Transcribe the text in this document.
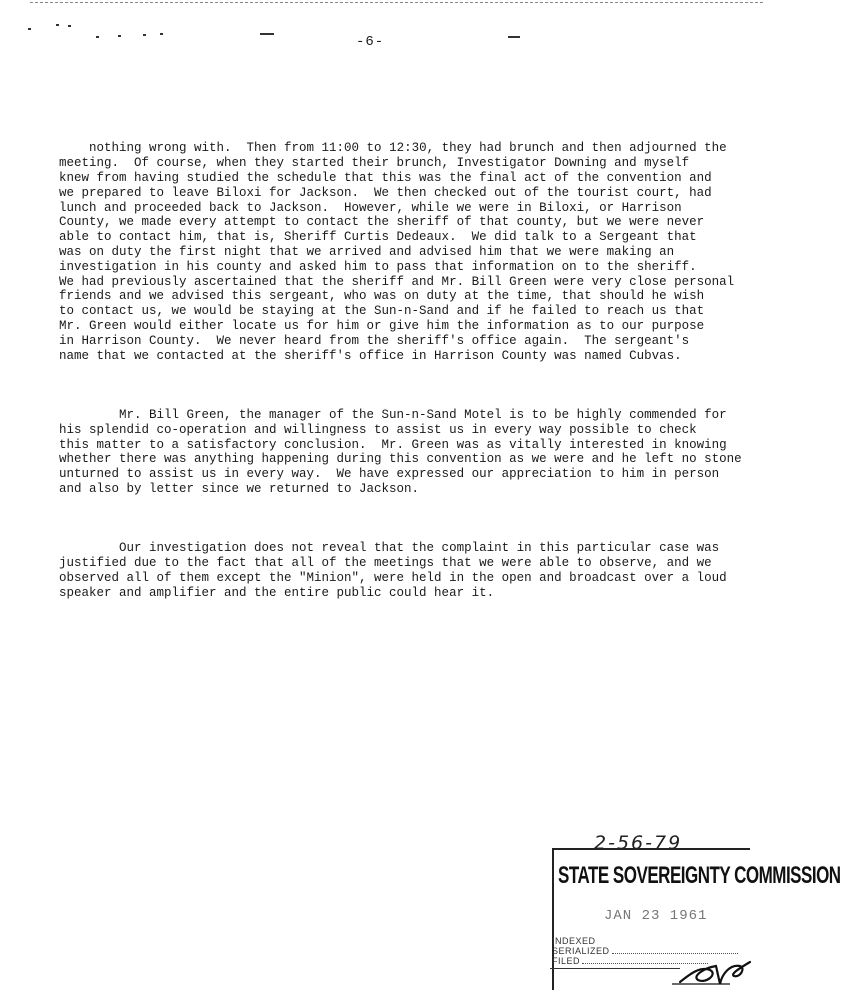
-6-

nothing wrong with.  Then from 11:00 to 12:30, they had brunch and then adjourned the
meeting.  Of course, when they started their brunch, Investigator Downing and myself
knew from having studied the schedule that this was the final act of the convention and
we prepared to leave Biloxi for Jackson.  We then checked out of the tourist court, had
lunch and proceeded back to Jackson.  However, while we were in Biloxi, or Harrison
County, we made every attempt to contact the sheriff of that county, but we were never
able to contact him, that is, Sheriff Curtis Dedeaux.  We did talk to a Sergeant that
was on duty the first night that we arrived and advised him that we were making an
investigation in his county and asked him to pass that information on to the sheriff.
We had previously ascertained that the sheriff and Mr. Bill Green were very close personal
friends and we advised this sergeant, who was on duty at the time, that should he wish
to contact us, we would be staying at the Sun-n-Sand and if he failed to reach us that
Mr. Green would either locate us for him or give him the information as to our purpose
in Harrison County.  We never heard from the sheriff's office again.  The sergeant's
name that we contacted at the sheriff's office in Harrison County was named Cubvas.

Mr. Bill Green, the manager of the Sun-n-Sand Motel is to be highly commended for
his splendid co-operation and willingness to assist us in every way possible to check
this matter to a satisfactory conclusion.  Mr. Green was as vitally interested in knowing
whether there was anything happening during this convention as we were and he left no stone
unturned to assist us in every way.  We have expressed our appreciation to him in person
and also by letter since we returned to Jackson.

Our investigation does not reveal that the complaint in this particular case was
justified due to the fact that all of the meetings that we were able to observe, and we
observed all of them except the "Minion", were held in the open and broadcast over a loud
speaker and amplifier and the entire public could hear it.

2-56-79
STATE SOVEREIGNTY COMMISSION
JAN 23 1961
INDEXED
SERIALIZED
FILED
